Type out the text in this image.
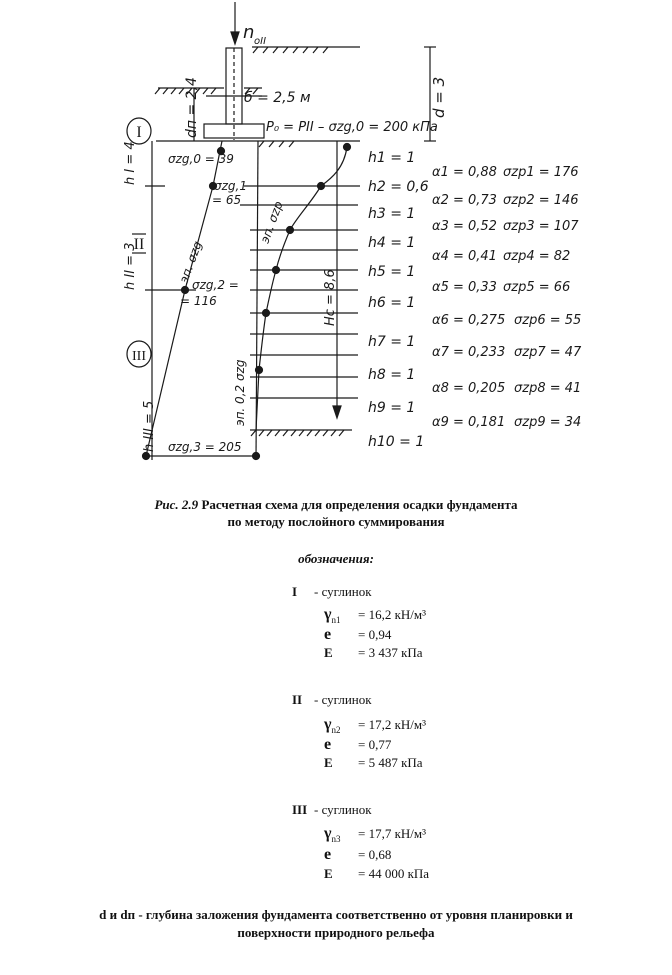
n oII
б = 2,5 м
dп = 2,4	d = 3
P₀ = PII – σzg,0 = 200 кПа
I
II
III
h I = 4
h II = 3
h III = 5
σzg,0 = 39
σzg,1
= 65
σzg,2 =
= 116
σzg,3 = 205
эп. σzg
эп. 0,2 σzg
эп. σzp
Hс = 8,6
h1 = 1
α1 = 0,88 σzp1 = 176
h2 = 0,6
α2 = 0,73 σzp2 = 146
h3 = 1
α3 = 0,52 σzp3 = 107
h4 = 1
α4 = 0,41 σzp4 = 82
h5 = 1
α5 = 0,33 σzp5 = 66
h6 = 1
α6 = 0,275 σzp6 = 55
h7 = 1
α7 = 0,233 σzp7 = 47
h8 = 1
α8 = 0,205 σzp8 = 41
h9 = 1
α9 = 0,181 σzp9 = 34
h10 = 1
Рис. 2.9 Расчетная схема для определения осадки фундамента
по методу послойного суммирования
обозначения:
I - суглинок
$\gamma_{n1} = 16,2$ кН/м³
e = 0,94
E = 3 437 кПа
II - суглинок
$\gamma_{n2} = 17,2$ кН/м³
e = 0,77
E = 5 487 кПа
III - суглинок
$\gamma_{n3} = 17,7$ кН/м³
e = 0,68
E = 44 000 кПа
d и dп - глубина заложения фундамента соответственно от уровня планировки и
поверхности природного рельефа
